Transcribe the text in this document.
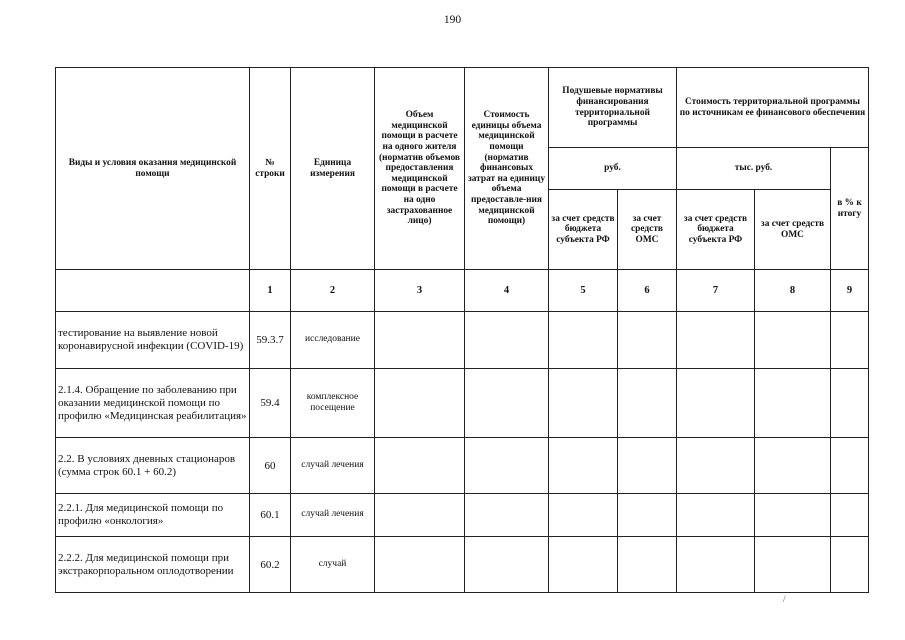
190
Виды и условия оказания медицинской помощи	№ строки	Единица измерения	Объем медицинской помощи в расчете на одного жителя (норматив объемов предоставления медицинской помощи в расчете на одно застрахованное лицо)	Стоимость единицы объема медицинской помощи (норматив финансовых затрат на единицу объема предоставле-ния медицинской помощи)	Подушевые нормативы финансирования территориальной программы		Стоимость территориальной программы по источникам ее финансового обеспечения		
					руб.		тыс. руб.		в % к итогу
					за счет средств бюджета субъекта РФ	за счет средств ОМС	за счет средств бюджета субъекта РФ	за счет средств ОМС	
	1	2	3	4	5	6	7	8	9
тестирование на выявление новой коронавирусной инфекции (COVID-19)	59.3.7	исследование							
2.1.4. Обращение по заболеванию при оказании медицинской помощи по профилю «Медицинская реабилитация»	59.4	комплексное посещение							
2.2. В условиях дневных стационаров (сумма строк 60.1 + 60.2)	60	случай лечения							
2.2.1. Для медицинской помощи по профилю «онкология»	60.1	случай лечения							
2.2.2. Для медицинской помощи при экстракорпоральном оплодотворении	60.2	случай							
/
